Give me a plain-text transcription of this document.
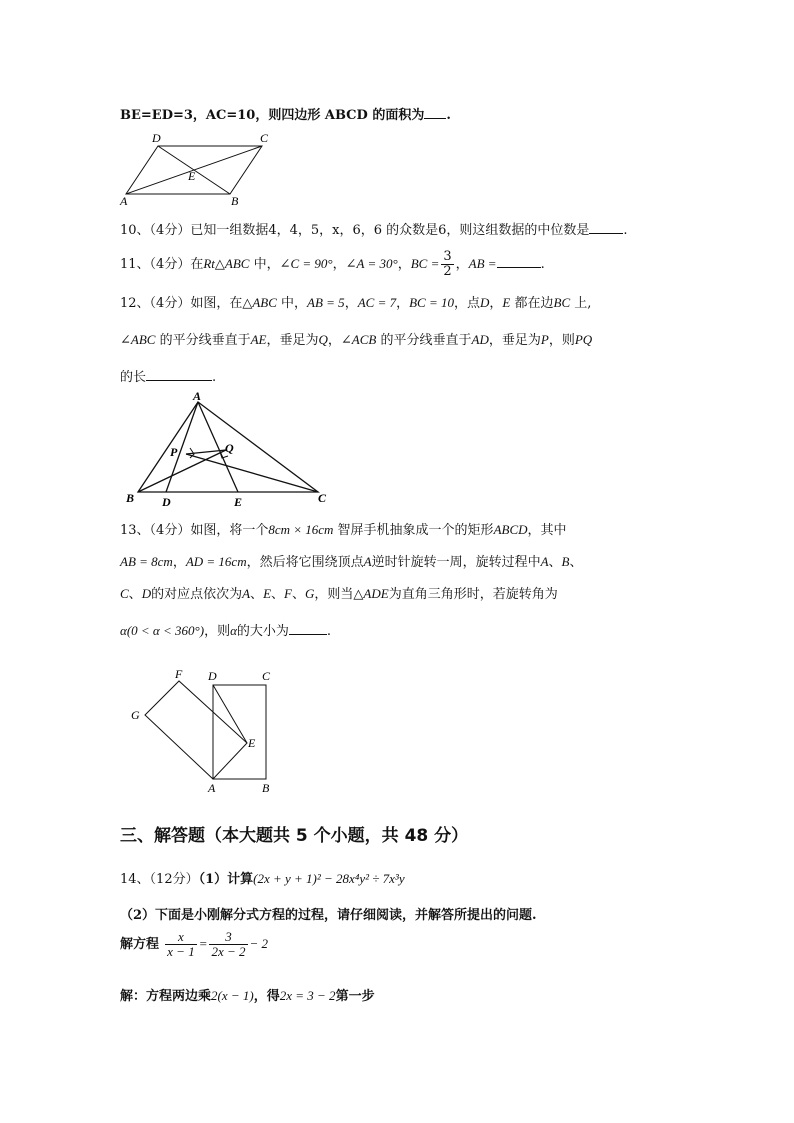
BE=ED=3，AC=10，则四边形 ABCD 的面积为 .
D	C
E
A	B
10、（4分）已知一组数据4，4，5，x，6，6 的众数是6，则这组数据的中位数是	.
11、（4分）在Rt△ABC 中，∠C = 90°，∠A = 30°，BC = $\frac{3}{2}$ ，AB =	.
12、（4分）如图，在△ABC 中，AB = 5，AC = 7，BC = 10，点D，E 都在边BC 上,
∠ABC 的平分线垂直于AE，垂足为Q，∠ACB 的平分线垂直于AD，垂足为P，则PQ
的长	.
A
P	Q
B D	E	C
13、（4分）如图，将一个8cm × 16cm 智屏手机抽象成一个的矩形ABCD，其中
AB = 8cm，AD = 16cm，然后将它围绕顶点A逆时针旋转一周，旋转过程中A、B、
C、D的对应点依次为A、E、F、G，则当△ADE为直角三角形时，若旋转角为
α(0 < α < 360°)，则α的大小为	.
F D	C
G
E
A	B
三、解答题（本大题共 5 个小题，共 48 分）
14、（12分）（1）计算(2x + y + 1)² − 28x⁴y² ÷ 7x³y
（2）下面是小刚解分式方程的过程，请仔细阅读，并解答所提出的问题.
解方程 $\frac{x}{x - 1} = \frac{3}{2x - 2} - 2$
解：方程两边乘2(x − 1)，得2x = 3 − 2第一步
